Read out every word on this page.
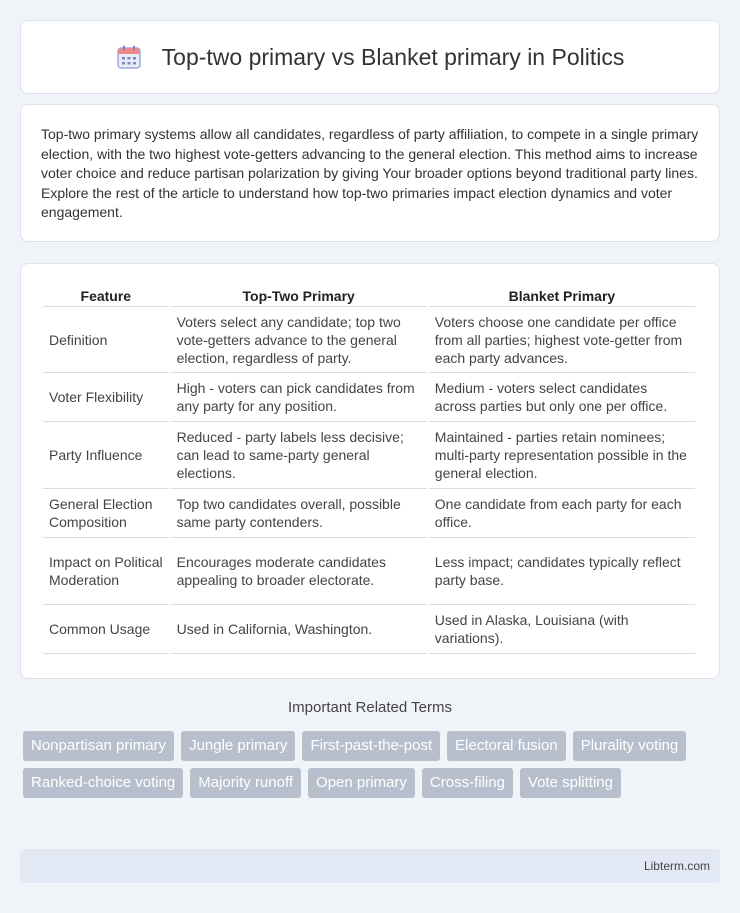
Top-two primary vs Blanket primary in Politics

Top-two primary systems allow all candidates, regardless of party affiliation, to compete in a single primary election, with the two highest vote-getters advancing to the general election. This method aims to increase voter choice and reduce partisan polarization by giving Your broader options beyond traditional party lines. Explore the rest of the article to understand how top-two primaries impact election dynamics and voter engagement.

Feature	Top-Two Primary	Blanket Primary
Definition	Voters select any candidate; top two vote-getters advance to the general election, regardless of party.	Voters choose one candidate per office from all parties; highest vote-getter from each party advances.
Voter Flexibility	High - voters can pick candidates from any party for any position.	Medium - voters select candidates across parties but only one per office.
Party Influence	Reduced - party labels less decisive; can lead to same-party general elections.	Maintained - parties retain nominees; multi-party representation possible in the general election.
General Election Composition	Top two candidates overall, possible same party contenders.	One candidate from each party for each office.
Impact on Political Moderation	Encourages moderate candidates appealing to broader electorate.	Less impact; candidates typically reflect party base.
Common Usage	Used in California, Washington.	Used in Alaska, Louisiana (with variations).
Important Related Terms
Nonpartisan primary	Jungle primary	First-past-the-post	Electoral fusion	Plurality voting
Ranked-choice voting	Majority runoff	Open primary	Cross-filing	Vote splitting
Libterm.com
